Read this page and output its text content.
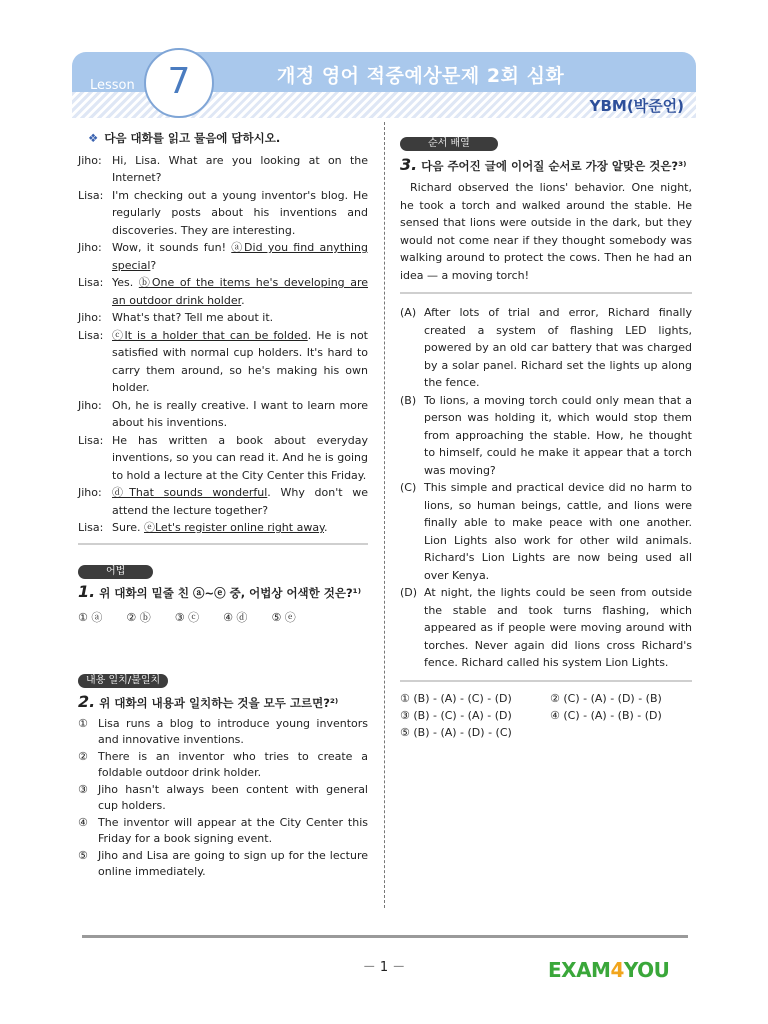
Lesson 7	개정 영어 적중예상문제 2회 심화
YBM(박준언)
❖ 다음 대화를 읽고 물음에 답하시오.
Jiho: Hi, Lisa. What are you looking at on the Internet?
Lisa: I'm checking out a young inventor's blog. He regularly posts about his inventions and discoveries. They are interesting.
Jiho: Wow, it sounds fun! ⓐDid you find anything special?
Lisa: Yes. ⓑOne of the items he's developing are an outdoor drink holder.
Jiho: What's that? Tell me about it.
Lisa: ⓒIt is a holder that can be folded. He is not satisfied with normal cup holders. It's hard to carry them around, so he's making his own holder.
Jiho: Oh, he is really creative. I want to learn more about his inventions.
Lisa: He has written a book about everyday inventions, so you can read it. And he is going to hold a lecture at the City Center this Friday.
Jiho: ⓓThat sounds wonderful. Why don't we attend the lecture together?
Lisa: Sure. ⓔLet's register online right away.
어법
1. 위 대화의 밑줄 친 ⓐ~ⓔ 중, 어법상 어색한 것은?¹⁾
① ⓐ ② ⓑ ③ ⓒ ④ ⓓ ⑤ ⓔ
내용 일치/불일치
2. 위 대화의 내용과 일치하는 것을 모두 고르면?²⁾
① Lisa runs a blog to introduce young inventors and innovative inventions.
② There is an inventor who tries to create a foldable outdoor drink holder.
③ Jiho hasn't always been content with general cup holders.
④ The inventor will appear at the City Center this Friday for a book signing event.
⑤ Jiho and Lisa are going to sign up for the lecture online immediately.
순서 배열
3. 다음 주어진 글에 이어질 순서로 가장 알맞은 것은?³⁾
Richard observed the lions' behavior. One night, he took a torch and walked around the stable. He sensed that lions were outside in the dark, but they would not come near if they thought somebody was walking around to protect the cows. Then he had an idea — a moving torch!
(A) After lots of trial and error, Richard finally created a system of flashing LED lights, powered by an old car battery that was charged by a solar panel. Richard set the lights up along the fence.
(B) To lions, a moving torch could only mean that a person was holding it, which would stop them from approaching the stable. How, he thought to himself, could he make it appear that a torch was moving?
(C) This simple and practical device did no harm to lions, so human beings, cattle, and lions were finally able to make peace with one another. Lion Lights also work for other wild animals. Richard's Lion Lights are now being used all over Kenya.
(D) At night, the lights could be seen from outside the stable and took turns flashing, which appeared as if people were moving around with torches. Never again did lions cross Richard's fence. Richard called his system Lion Lights.
① (B) - (A) - (C) - (D)	② (C) - (A) - (D) - (B)
③ (B) - (C) - (A) - (D)	④ (C) - (A) - (B) - (D)
⑤ (B) - (A) - (D) - (C)
－ 1 －	EXAM4YOU
